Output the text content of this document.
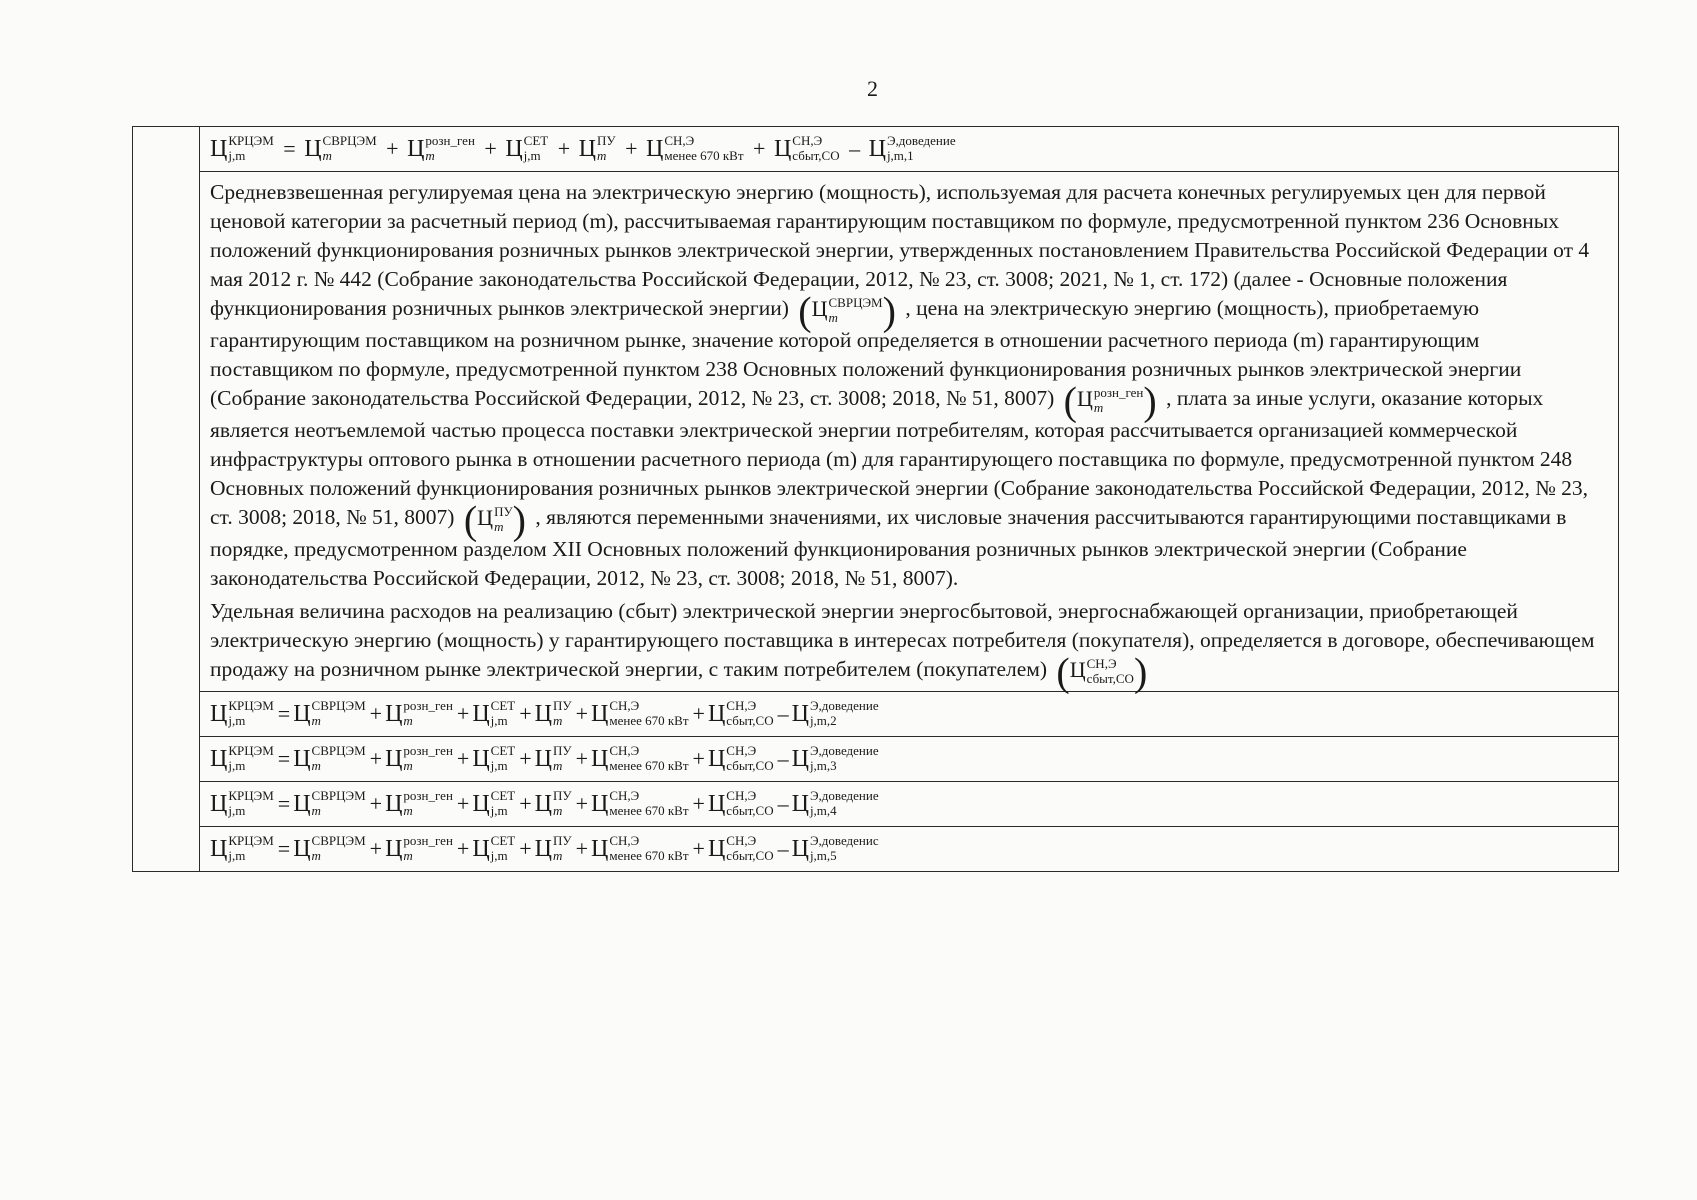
2

Ц КРЦЭМ
j,m	= Ц СВРЦЭМ
m	+ Ц розн_ген
m	+ Ц СЕТ
j,m + Ц ПУ
m + Ц СН,Э
менее 670 кВт + Ц СН,Э
сбыт,СО – Ц Э,доведение
j,m,1

Средневзвешенная регулируемая цена на электрическую энергию (мощность), используемая для расчета конечных регулируемых цен для первой ценовой категории за расчетный период (m), рассчитываемая гарантирующим поставщиком по формуле, предусмотренной пунктом 236 Основных положений функционирования розничных рынков электрической энергии, утвержденных постановлением Правительства Российской Федерации от 4 мая 2012 г. № 442 (Собрание законодательства Российской Федерации, 2012, № 23, ст. 3008; 2021, № 1, ст. 172) (далее - Основные положения функционирования розничных рынков электрической энергии) (Ц СВРЦЭМ
m	) , цена на электрическую энергию (мощность), приобретаемую гарантирующим поставщиком на розничном рынке, значение которой определяется в отношении расчетного периода (m) гарантирующим поставщиком по формуле, предусмотренной пунктом 238 Основных положений функционирования розничных рынков электрической энергии (Собрание законодательства Российской Федерации, 2012, № 23, ст. 3008; 2018, № 51, 8007) (Ц розн_ген
m	) , плата за иные услуги, оказание которых является неотъемлемой частью процесса поставки электрической энергии потребителям, которая рассчитывается организацией коммерческой инфраструктуры оптового рынка в отношении расчетного периода (m) для гарантирующего поставщика по формуле, предусмотренной пунктом 248 Основных положений функционирования розничных рынков электрической энергии (Собрание законодательства Российской Федерации, 2012, № 23, ст. 3008; 2018, № 51, 8007) (Ц ПУ
m ) , являются переменными значениями, их числовые значения рассчитываются гарантирующими поставщиками в порядке, предусмотренном разделом XII Основных положений функционирования розничных рынков электрической энергии (Собрание законодательства Российской Федерации, 2012, № 23, ст. 3008; 2018, № 51, 8007).
Удельная величина расходов на реализацию (сбыт) электрической энергии энергосбытовой, энергоснабжающей организации, приобретающей электрическую энергию (мощность) у гарантирующего поставщика в интересах потребителя (покупателя), определяется в договоре, обеспечивающем продажу на розничном рынке электрической энергии, с таким потребителем (покупателем) (Ц СН,Э
сбыт,СО )

Ц КРЦЭМ
j,m	= Ц СВРЦЭМ
m	+ Ц розн_ген
m	+ Ц СЕТ
j,m + Ц ПУ
m + Ц СН,Э
менее 670 кВт + Ц СН,Э
сбыт,СО – Ц Э,доведение
j,m,2

Ц КРЦЭМ
j,m	= Ц СВРЦЭМ
m	+ Ц розн_ген
m	+ Ц СЕТ
j,m + Ц ПУ
m + Ц СН,Э
менее 670 кВт + Ц СН,Э
сбыт,СО – Ц Э,доведение
j,m,3

Ц КРЦЭМ
j,m	= Ц СВРЦЭМ
m	+ Ц розн_ген
m	+ Ц СЕТ
j,m + Ц ПУ
m + Ц СН,Э
менее 670 кВт + Ц СН,Э
сбыт,СО – Ц Э,доведение
j,m,4

Ц КРЦЭМ
j,m	= Ц СВРЦЭМ
m	+ Ц розн_ген
m	+ Ц СЕТ
j,m + Ц ПУ
m + Ц СН,Э
менее 670 кВт + Ц СН,Э
сбыт,СО – Ц Э,доведенис
j,m,5
